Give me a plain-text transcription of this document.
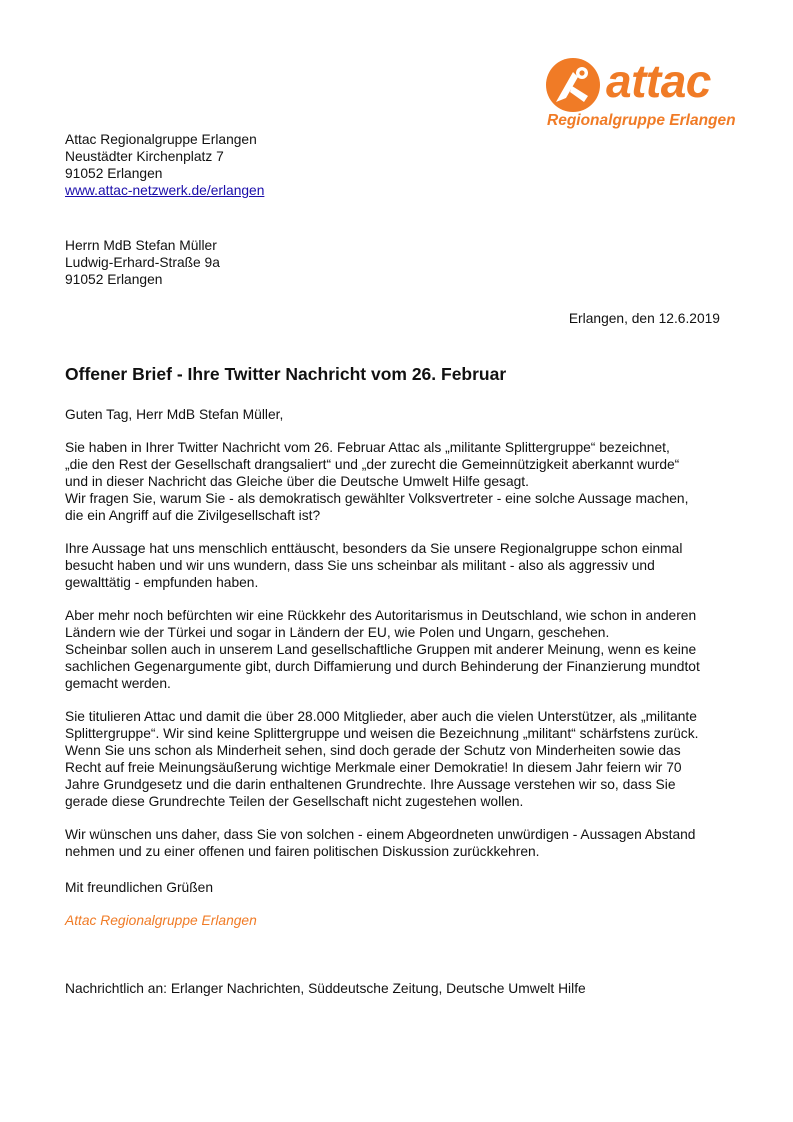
attac
Regionalgruppe Erlangen
Attac Regionalgruppe Erlangen
Neustädter Kirchenplatz 7
91052 Erlangen
www.attac-netzwerk.de/erlangen
Herrn MdB Stefan Müller
Ludwig-Erhard-Straße 9a
91052 Erlangen
Erlangen, den 12.6.2019
Offener Brief - Ihre Twitter Nachricht vom 26. Februar

Guten Tag, Herr MdB Stefan Müller,

Sie haben in Ihrer Twitter Nachricht vom 26. Februar Attac als „militante Splittergruppe“ bezeichnet,
„die den Rest der Gesellschaft drangsaliert“ und „der zurecht die Gemeinnützigkeit aberkannt wurde“
und in dieser Nachricht das Gleiche über die Deutsche Umwelt Hilfe gesagt.
Wir fragen Sie, warum Sie - als demokratisch gewählter Volksvertreter - eine solche Aussage machen,
die ein Angriff auf die Zivilgesellschaft ist?

Ihre Aussage hat uns menschlich enttäuscht, besonders da Sie unsere Regionalgruppe schon einmal
besucht haben und wir uns wundern, dass Sie uns scheinbar als militant - also als aggressiv und
gewalttätig - empfunden haben.

Aber mehr noch befürchten wir eine Rückkehr des Autoritarismus in Deutschland, wie schon in anderen
Ländern wie der Türkei und sogar in Ländern der EU, wie Polen und Ungarn, geschehen.
Scheinbar sollen auch in unserem Land gesellschaftliche Gruppen mit anderer Meinung, wenn es keine
sachlichen Gegenargumente gibt, durch Diffamierung und durch Behinderung der Finanzierung mundtot
gemacht werden.

Sie titulieren Attac und damit die über 28.000 Mitglieder, aber auch die vielen Unterstützer, als „militante
Splittergruppe“. Wir sind keine Splittergruppe und weisen die Bezeichnung „militant“ schärfstens zurück.
Wenn Sie uns schon als Minderheit sehen, sind doch gerade der Schutz von Minderheiten sowie das
Recht auf freie Meinungsäußerung wichtige Merkmale einer Demokratie! In diesem Jahr feiern wir 70
Jahre Grundgesetz und die darin enthaltenen Grundrechte. Ihre Aussage verstehen wir so, dass Sie
gerade diese Grundrechte Teilen der Gesellschaft nicht zugestehen wollen.

Wir wünschen uns daher, dass Sie von solchen - einem Abgeordneten unwürdigen - Aussagen Abstand
nehmen und zu einer offenen und fairen politischen Diskussion zurückkehren.

Mit freundlichen Grüßen
Attac Regionalgruppe Erlangen
Nachrichtlich an: Erlanger Nachrichten, Süddeutsche Zeitung, Deutsche Umwelt Hilfe
